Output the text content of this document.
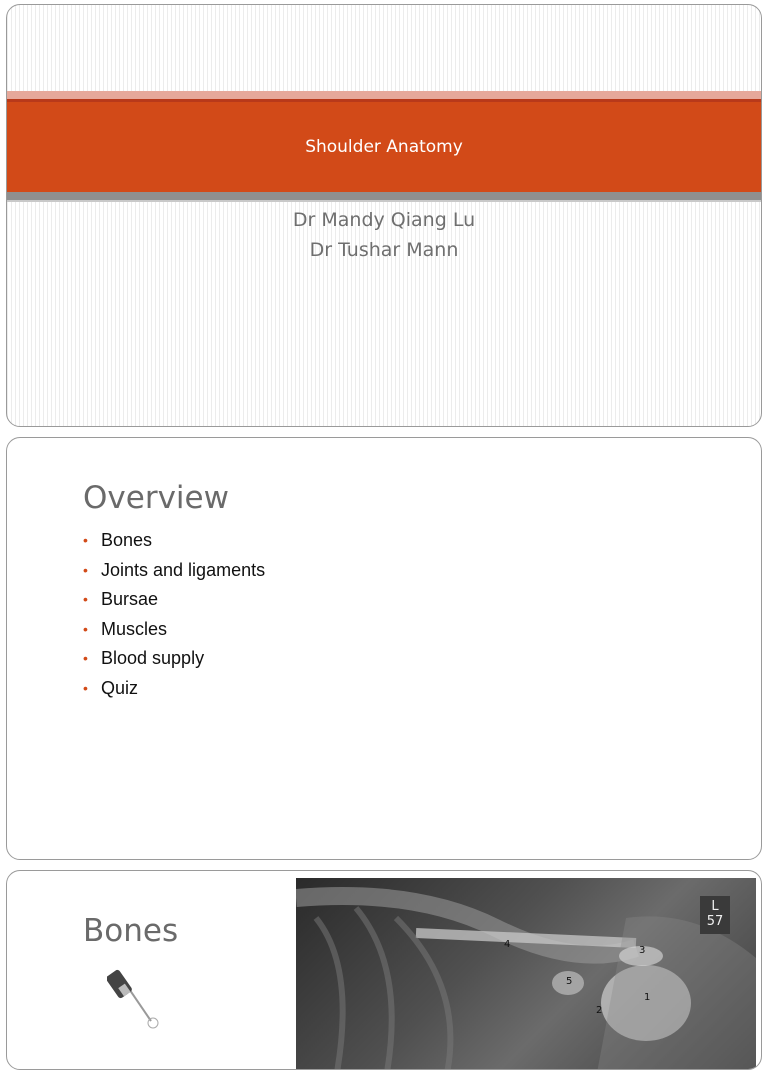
Shoulder Anatomy
Dr Mandy Qiang Lu
Dr Tushar Mann
Overview
• Bones
• Joints and ligaments
• Bursae
• Muscles
• Blood supply
• Quiz
Bones	4
3
5
1
2
L
57
